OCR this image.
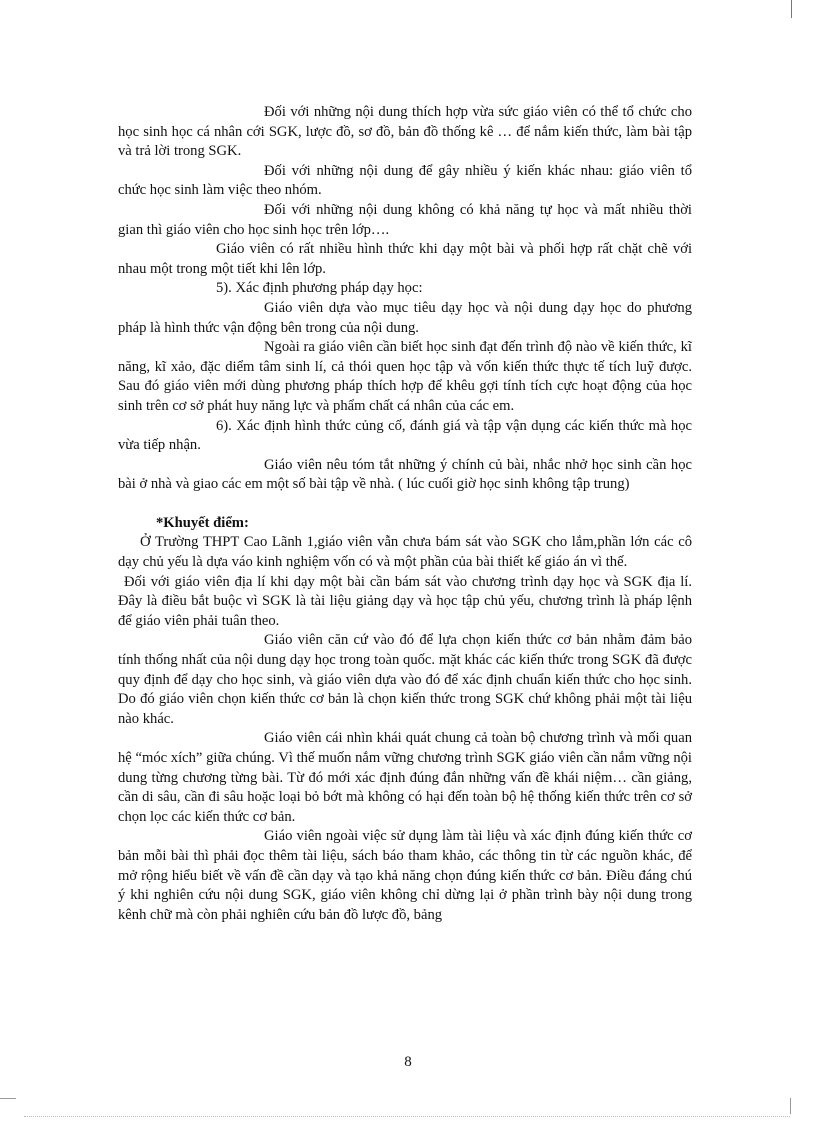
Đối với những nội dung thích hợp vừa sức giáo viên có thể tổ chức cho học sinh học cá nhân cới SGK, lược đồ, sơ đồ, bản đồ thống kê … để nắm kiến thức, làm bài tập và trả lời trong SGK.

Đối với những nội dung để gây nhiều ý kiến khác nhau: giáo viên tổ chức học sinh làm việc theo nhóm.

Đối với những nội dung không có khả năng tự học và mất nhiều thời gian thì giáo viên cho học sinh học trên lớp….

Giáo viên có rất nhiều hình thức khi dạy một bài và phối hợp rất chặt chẽ với nhau một trong một tiết khi lên lớp.

5). Xác định phương pháp dạy học:

Giáo viên dựa vào mục tiêu dạy học và nội dung dạy học do phương pháp là hình thức vận động bên trong của nội dung.

Ngoài ra giáo viên cần biết học sinh đạt đến trình độ nào về kiến thức, kĩ năng, kĩ xảo, đặc diểm tâm sinh lí, cả thói quen học tập và vốn kiến thức thực tế tích luỹ được. Sau đó giáo viên mới dùng phương pháp thích hợp để khêu gợi tính tích cực hoạt động của học sinh trên cơ sở phát huy năng lực và phẩm chất cá nhân của các em.

6). Xác định hình thức củng cố, đánh giá và tập vận dụng các kiến thức mà học vừa tiếp nhận.

Giáo viên nêu tóm tắt những ý chính củ bài, nhắc nhở học sinh cần học bài ở nhà và giao các em một số bài tập về nhà. ( lúc cuối giờ học sinh không tập trung)

*Khuyết điểm:

Ở Trường THPT Cao Lãnh 1,giáo viên vẫn chưa bám sát vào SGK cho lắm,phần lớn các cô dạy chủ yếu là dựa váo kinh nghiệm vốn có và một phần của bài thiết kế giáo án vì thế.

Đối với giáo viên địa lí khi dạy một bài cần bám sát vào chương trình dạy học và SGK địa lí. Đây là điều bắt buộc vì SGK là tài liệu giảng dạy và học tập chủ yếu, chương trình là pháp lệnh để giáo viên phải tuân theo.

Giáo viên căn cứ vào đó để lựa chọn kiến thức cơ bản nhằm đảm bảo tính thống nhất của nội dung dạy học trong toàn quốc. mặt khác các kiến thức trong SGK đã được quy định để dạy cho học sinh, và giáo viên dựa vào đó để xác định chuẩn kiến thức cho học sinh. Do đó giáo viên chọn kiến thức cơ bản là chọn kiến thức trong SGK chứ không phải một tài liệu nào khác.

Giáo viên cái nhìn khái quát chung cả toàn bộ chương trình và mối quan hệ “móc xích” giữa chúng. Vì thế muốn nắm vững chương trình SGK giáo viên cần nắm vững nội dung từng chương từng bài. Từ đó mới xác định đúng đắn những vấn đề khái niệm… cần giảng, cần di sâu, cần đi sâu hoặc loại bỏ bớt mà không có hại đến toàn bộ hệ thống kiến thức trên cơ sở chọn lọc các kiến thức cơ bản.

Giáo viên ngoài việc sử dụng làm tài liệu và xác định đúng kiến thức cơ bản mỗi bài thì phải đọc thêm tài liệu, sách báo tham khảo, các thông tin từ các nguồn khác, để mở rộng hiểu biết về vấn đề cần dạy và tạo khả năng chọn đúng kiến thức cơ bản. Điều đáng chú ý khi nghiên cứu nội dung SGK, giáo viên không chỉ dừng lại ở phần trình bày nội dung trong kênh chữ mà còn phải nghiên cứu bản đồ lược đồ, bảng

8
